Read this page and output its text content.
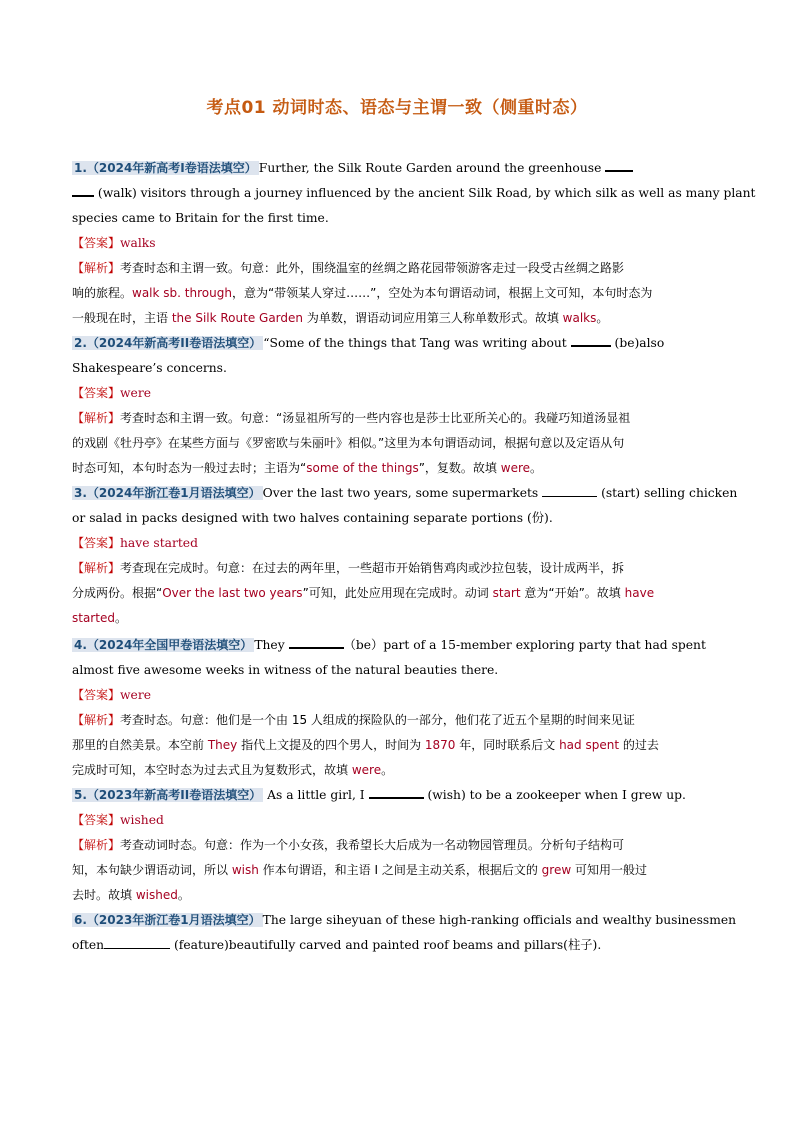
考点01 动词时态、语态与主谓一致（侧重时态）
1.（2024年新高考I卷语法填空） Further, the Silk Route Garden around the greenhouse
(walk) visitors through a journey influenced by the ancient Silk Road, by which silk as well as many plant
species came to Britain for the first time.
【答案】walks
【解析】考查时态和主谓一致。句意：此外，围绕温室的丝绸之路花园带领游客走过一段受古丝绸之路影
响的旅程。walk sb. through，意为“带领某人穿过……”，空处为本句谓语动词，根据上文可知，本句时态为
一般现在时，主语 the Silk Route Garden 为单数，谓语动词应用第三人称单数形式。故填 walks。
2.（2024年新高考II卷语法填空） “Some of the things that Tang was writing about	(be)also
Shakespeare’s concerns.
【答案】were
【解析】考查时态和主谓一致。句意：“汤显祖所写的一些内容也是莎士比亚所关心的。我碰巧知道汤显祖
的戏剧《牡丹亭》在某些方面与《罗密欧与朱丽叶》相似。”这里为本句谓语动词，根据句意以及定语从句
时态可知，本句时态为一般过去时；主语为“some of the things”，复数。故填 were。
3.（2024年浙江卷1月语法填空） Over the last two years, some supermarkets	(start) selling chicken
or salad in packs designed with two halves containing separate portions (份).
【答案】have started
【解析】考查现在完成时。句意：在过去的两年里，一些超市开始销售鸡肉或沙拉包装，设计成两半，拆
分成两份。根据“Over the last two years”可知，此处应用现在完成时。动词 start 意为“开始”。故填 have
started。
4.（2024年全国甲卷语法填空） They	（be）part of a 15-member exploring party that had spent
almost five awesome weeks in witness of the natural beauties there.
【答案】were
【解析】考查时态。句意：他们是一个由 15 人组成的探险队的一部分，他们花了近五个星期的时间来见证
那里的自然美景。本空前 They 指代上文提及的四个男人，时间为 1870 年，同时联系后文 had spent 的过去
完成时可知，本空时态为过去式且为复数形式，故填 were。
5.（2023年新高考II卷语法填空） As a little girl, I	(wish) to be a zookeeper when I grew up.
【答案】wished
【解析】考查动词时态。句意：作为一个小女孩，我希望长大后成为一名动物园管理员。分析句子结构可
知，本句缺少谓语动词，所以 wish 作本句谓语，和主语 I 之间是主动关系，根据后文的 grew 可知用一般过
去时。故填 wished。
6.（2023年浙江卷1月语法填空） The large siheyuan of these high-ranking officials and wealthy businessmen
often	(feature)beautifully carved and painted roof beams and pillars(柱子).
